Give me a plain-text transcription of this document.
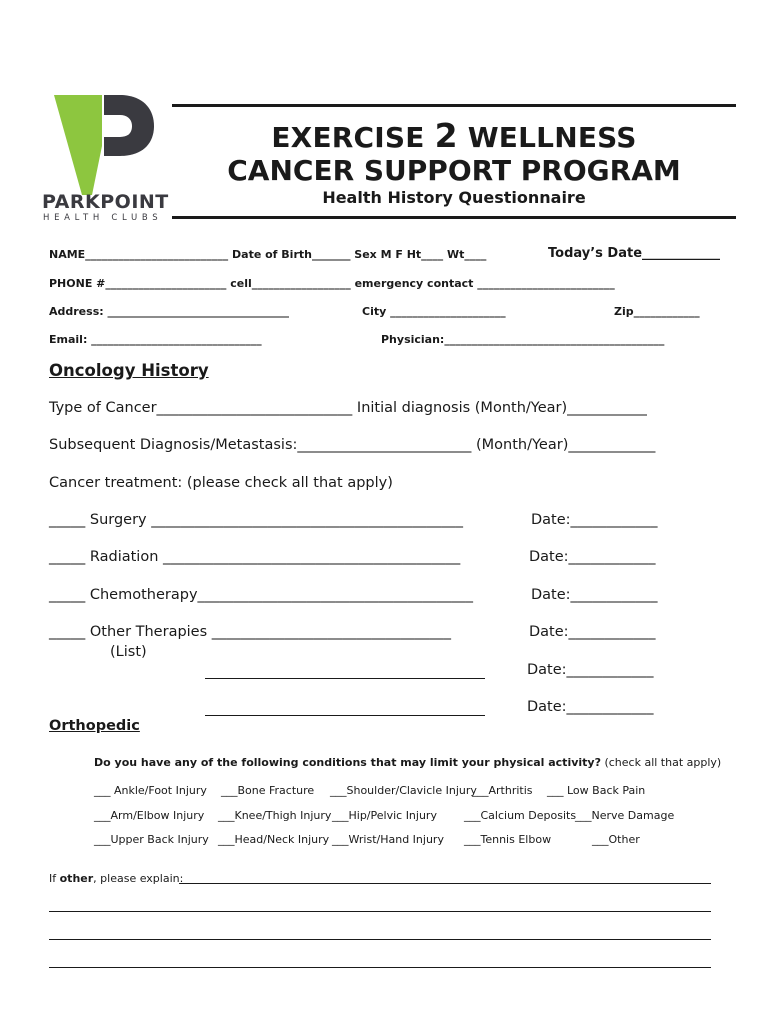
PARKPOINT
HEALTH CLUBS
EXERCISE 2 WELLNESS
CANCER SUPPORT PROGRAM
Health History Questionnaire
NAME__________________________ Date of Birth_______ Sex M F Ht____ Wt____	Today’s Date____________
PHONE #______________________ cell__________________ emergency contact _________________________
Address: _________________________________	City _____________________	Zip____________
Email: _______________________________	Physician:________________________________________
Oncology History
Type of Cancer___________________________ Initial diagnosis (Month/Year)___________
Subsequent Diagnosis/Metastasis:________________________ (Month/Year)____________
Cancer treatment: (please check all that apply)
_____ Surgery ___________________________________________	Date:____________
_____ Radiation _________________________________________	Date:____________
_____ Chemotherapy______________________________________	Date:____________
_____ Other Therapies _________________________________	Date:____________
(List)
Date:____________
Date:____________
Orthopedic
Do you have any of the following conditions that may limit your physical activity? (check all that apply)
___ Ankle/Foot Injury ___Bone Fracture ___Shoulder/Clavicle Injury
___Arthritis ___ Low Back Pain
___Arm/Elbow Injury ___Knee/Thigh Injury ___Hip/Pelvic Injury ___Calcium Deposits
___Nerve Damage
___Upper Back Injury ___Head/Neck Injury ___Wrist/Hand Injury ___Tennis Elbow	___Other
If other, please explain:
